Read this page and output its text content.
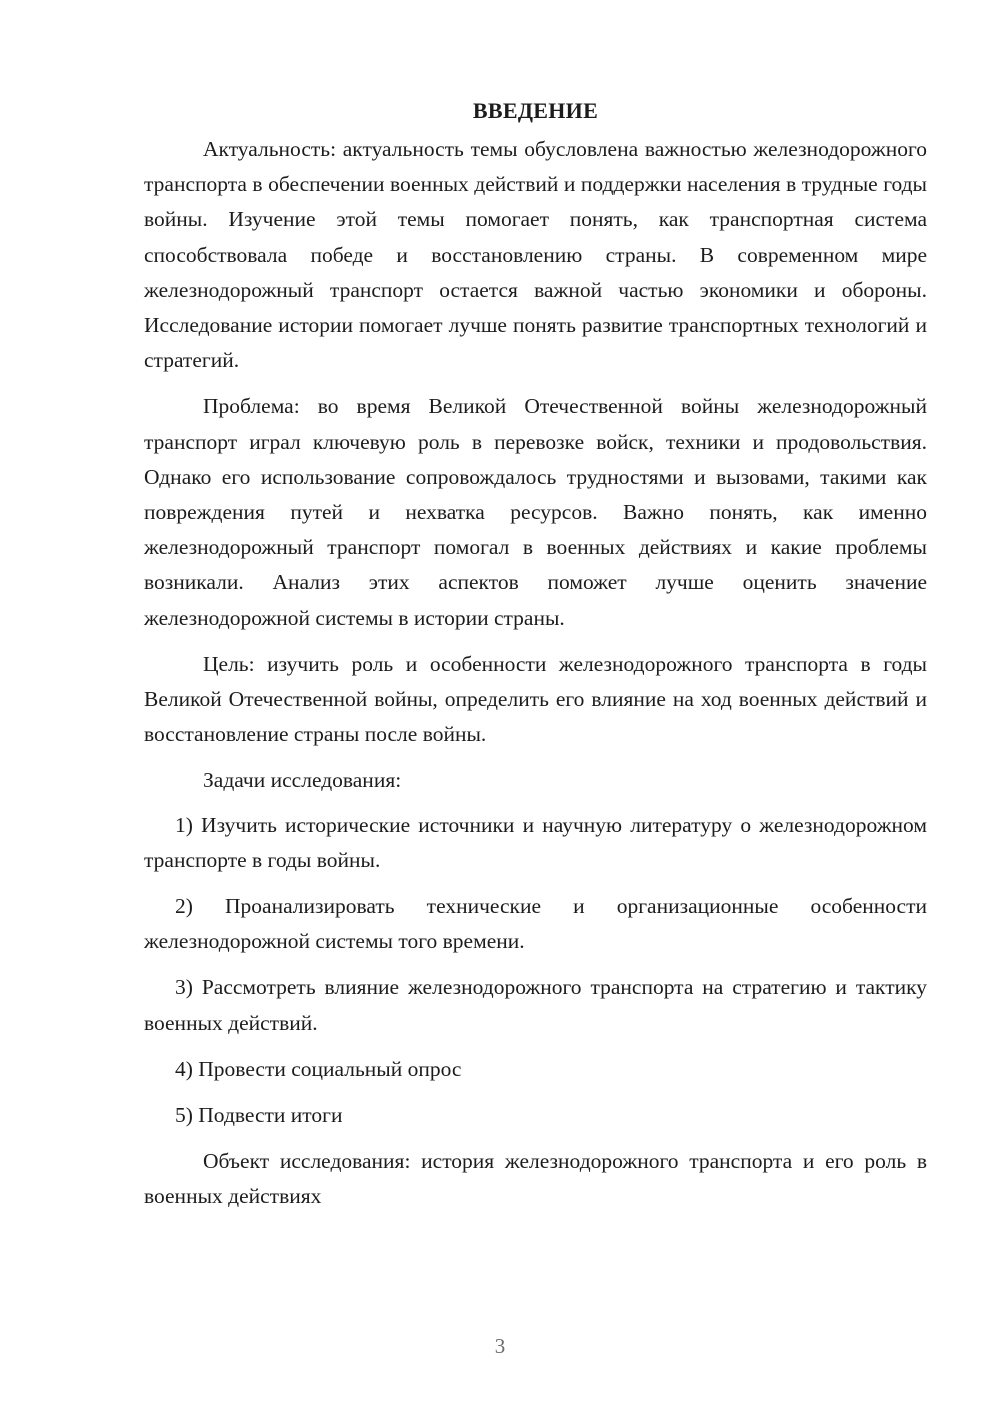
ВВЕДЕНИЕ

Актуальность: актуальность темы обусловлена важностью железнодорожного транспорта в обеспечении военных действий и поддержки населения в трудные годы войны. Изучение этой темы помогает понять, как транспортная система способствовала победе и восстановлению страны. В современном мире железнодорожный транспорт остается важной частью экономики и обороны. Исследование истории помогает лучше понять развитие транспортных технологий и стратегий.

Проблема: во время Великой Отечественной войны железнодорожный транспорт играл ключевую роль в перевозке войск, техники и продовольствия. Однако его использование сопровождалось трудностями и вызовами, такими как повреждения путей и нехватка ресурсов. Важно понять, как именно железнодорожный транспорт помогал в военных действиях и какие проблемы возникали. Анализ этих аспектов поможет лучше оценить значение железнодорожной системы в истории страны.

Цель: изучить роль и особенности железнодорожного транспорта в годы Великой Отечественной войны, определить его влияние на ход военных действий и восстановление страны после войны.

Задачи исследования:

1) Изучить исторические источники и научную литературу о железнодорожном транспорте в годы войны.

2) Проанализировать технические и организационные особенности железнодорожной системы того времени.

3) Рассмотреть влияние железнодорожного транспорта на стратегию и тактику военных действий.

4) Провести социальный опрос

5) Подвести итоги

Объект исследования: история железнодорожного транспорта и его роль в военных действиях

3
